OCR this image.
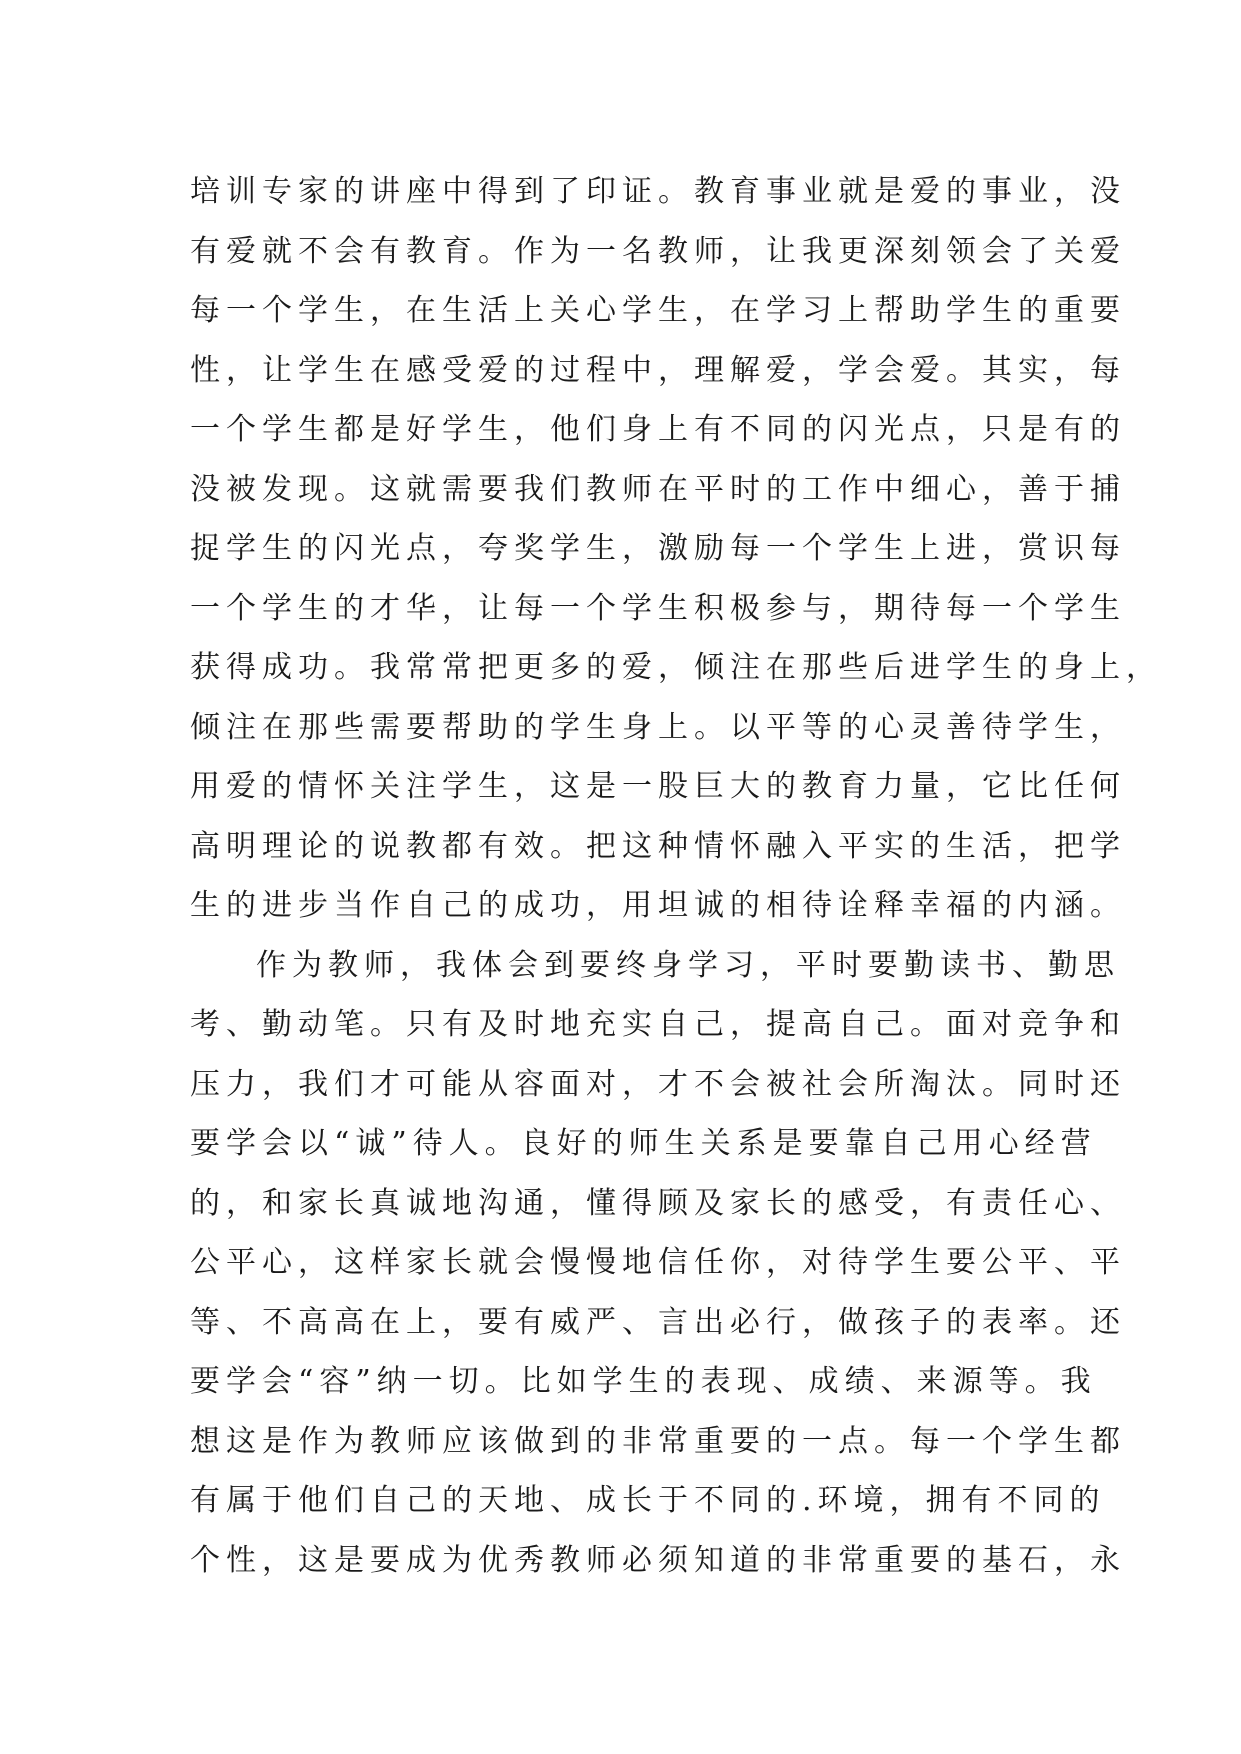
培训专家的讲座中得到了印证。教育事业就是爱的事业，没
有爱就不会有教育。作为一名教师，让我更深刻领会了关爱
每一个学生，在生活上关心学生，在学习上帮助学生的重要
性，让学生在感受爱的过程中，理解爱，学会爱。其实，每
一个学生都是好学生，他们身上有不同的闪光点，只是有的
没被发现。这就需要我们教师在平时的工作中细心，善于捕
捉学生的闪光点，夸奖学生，激励每一个学生上进，赏识每
一个学生的才华，让每一个学生积极参与，期待每一个学生
获得成功。我常常把更多的爱，倾注在那些后进学生的身上，
倾注在那些需要帮助的学生身上。以平等的心灵善待学生，
用爱的情怀关注学生，这是一股巨大的教育力量，它比任何
高明理论的说教都有效。把这种情怀融入平实的生活，把学
生的进步当作自己的成功，用坦诚的相待诠释幸福的内涵。
作为教师，我体会到要终身学习，平时要勤读书、勤思
考、勤动笔。只有及时地充实自己，提高自己。面对竞争和
压力，我们才可能从容面对，才不会被社会所淘汰。同时还
要学会以“诚”待人。良好的师生关系是要靠自己用心经营
的，和家长真诚地沟通，懂得顾及家长的感受，有责任心、
公平心，这样家长就会慢慢地信任你，对待学生要公平、平
等、不高高在上，要有威严、言出必行，做孩子的表率。还
要学会“容”纳一切。比如学生的表现、成绩、来源等。我
想这是作为教师应该做到的非常重要的一点。每一个学生都
有属于他们自己的天地、成长于不同的.环境，拥有不同的
个性，这是要成为优秀教师必须知道的非常重要的基石，永
